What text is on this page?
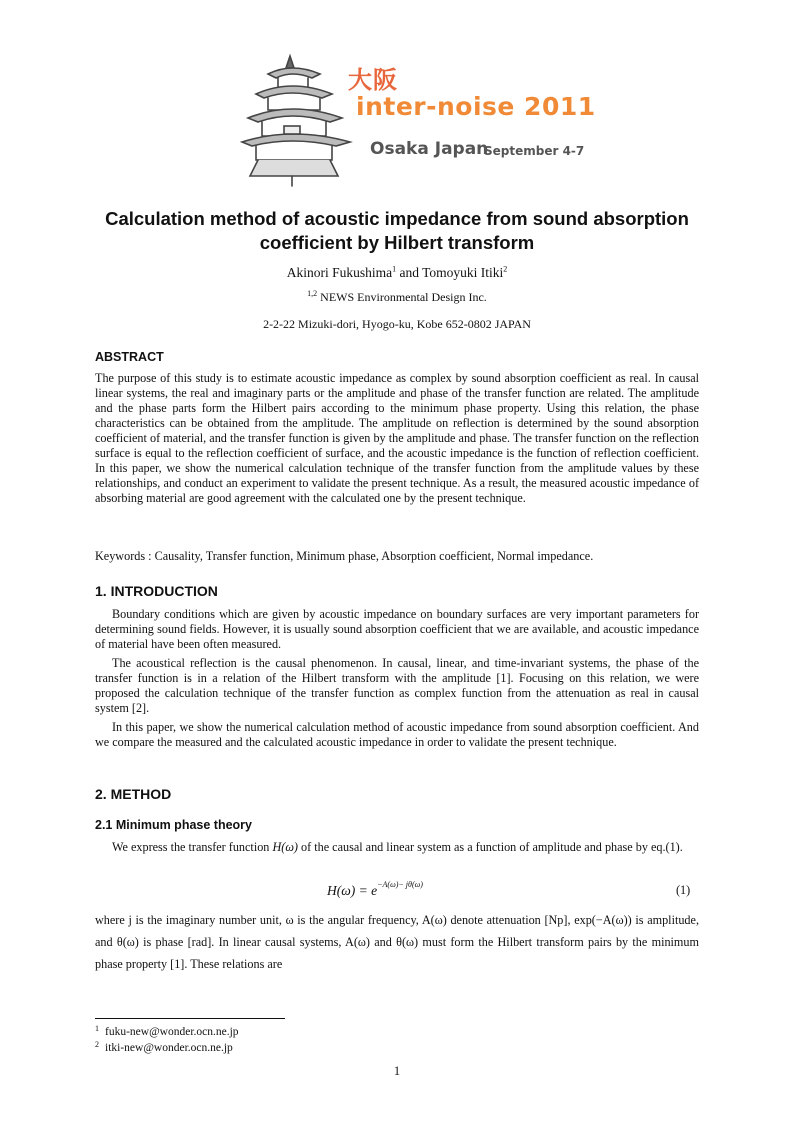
大阪
inter-noise 2011
Osaka Japan
September 4-7
Calculation method of acoustic impedance from sound absorption coefficient by Hilbert transform
Akinori Fukushima$^1$ and Tomoyuki Itiki$^2$
$^{1,2}$ NEWS Environmental Design Inc.
2-2-22 Mizuki-dori, Hyogo-ku, Kobe 652-0802 JAPAN
ABSTRACT

The purpose of this study is to estimate acoustic impedance as complex by sound absorption coefficient as real. In causal linear systems, the real and imaginary parts or the amplitude and phase of the transfer function are related. The amplitude and the phase parts form the Hilbert pairs according to the minimum phase property. Using this relation, the phase characteristics can be obtained from the amplitude. The amplitude on reflection is determined by the sound absorption coefficient of material, and the transfer function is given by the amplitude and phase. The transfer function on the reflection surface is equal to the reflection coefficient of surface, and the acoustic impedance is the function of reflection coefficient. In this paper, we show the numerical calculation technique of the transfer function from the amplitude values by these relationships, and conduct an experiment to validate the present technique. As a result, the measured acoustic impedance of absorbing material are good agreement with the calculated one by the present technique.

Keywords : Causality, Transfer function, Minimum phase, Absorption coefficient, Normal impedance.
1. INTRODUCTION

Boundary conditions which are given by acoustic impedance on boundary surfaces are very important parameters for determining sound fields. However, it is usually sound absorption coefficient that we are available, and acoustic impedance of material have been often measured.

The acoustical reflection is the causal phenomenon. In causal, linear, and time-invariant systems, the phase of the transfer function is in a relation of the Hilbert transform with the amplitude [1]. Focusing on this relation, we were proposed the calculation technique of the transfer function as complex function from the attenuation as real in causal system [2].

In this paper, we show the numerical calculation method of acoustic impedance from sound absorption coefficient. And we compare the measured and the calculated acoustic impedance in order to validate the present technique.

2. METHOD
2.1 Minimum phase theory

We express the transfer function H(ω) of the causal and linear system as a function of amplitude and phase by eq.(1).

$H(\omega) = e^{-A(\omega)- j\theta(\omega)}$	(1)

where j is the imaginary number unit, ω is the angular frequency, A(ω) denote attenuation [Np], exp(−A(ω)) is amplitude, and θ(ω) is phase [rad]. In linear causal systems, A(ω) and θ(ω) must form the Hilbert transform pairs by the minimum phase property [1]. These relations are

$^1$ fuku-new@wonder.ocn.ne.jp
$^2$ itki-new@wonder.ocn.ne.jp
1
